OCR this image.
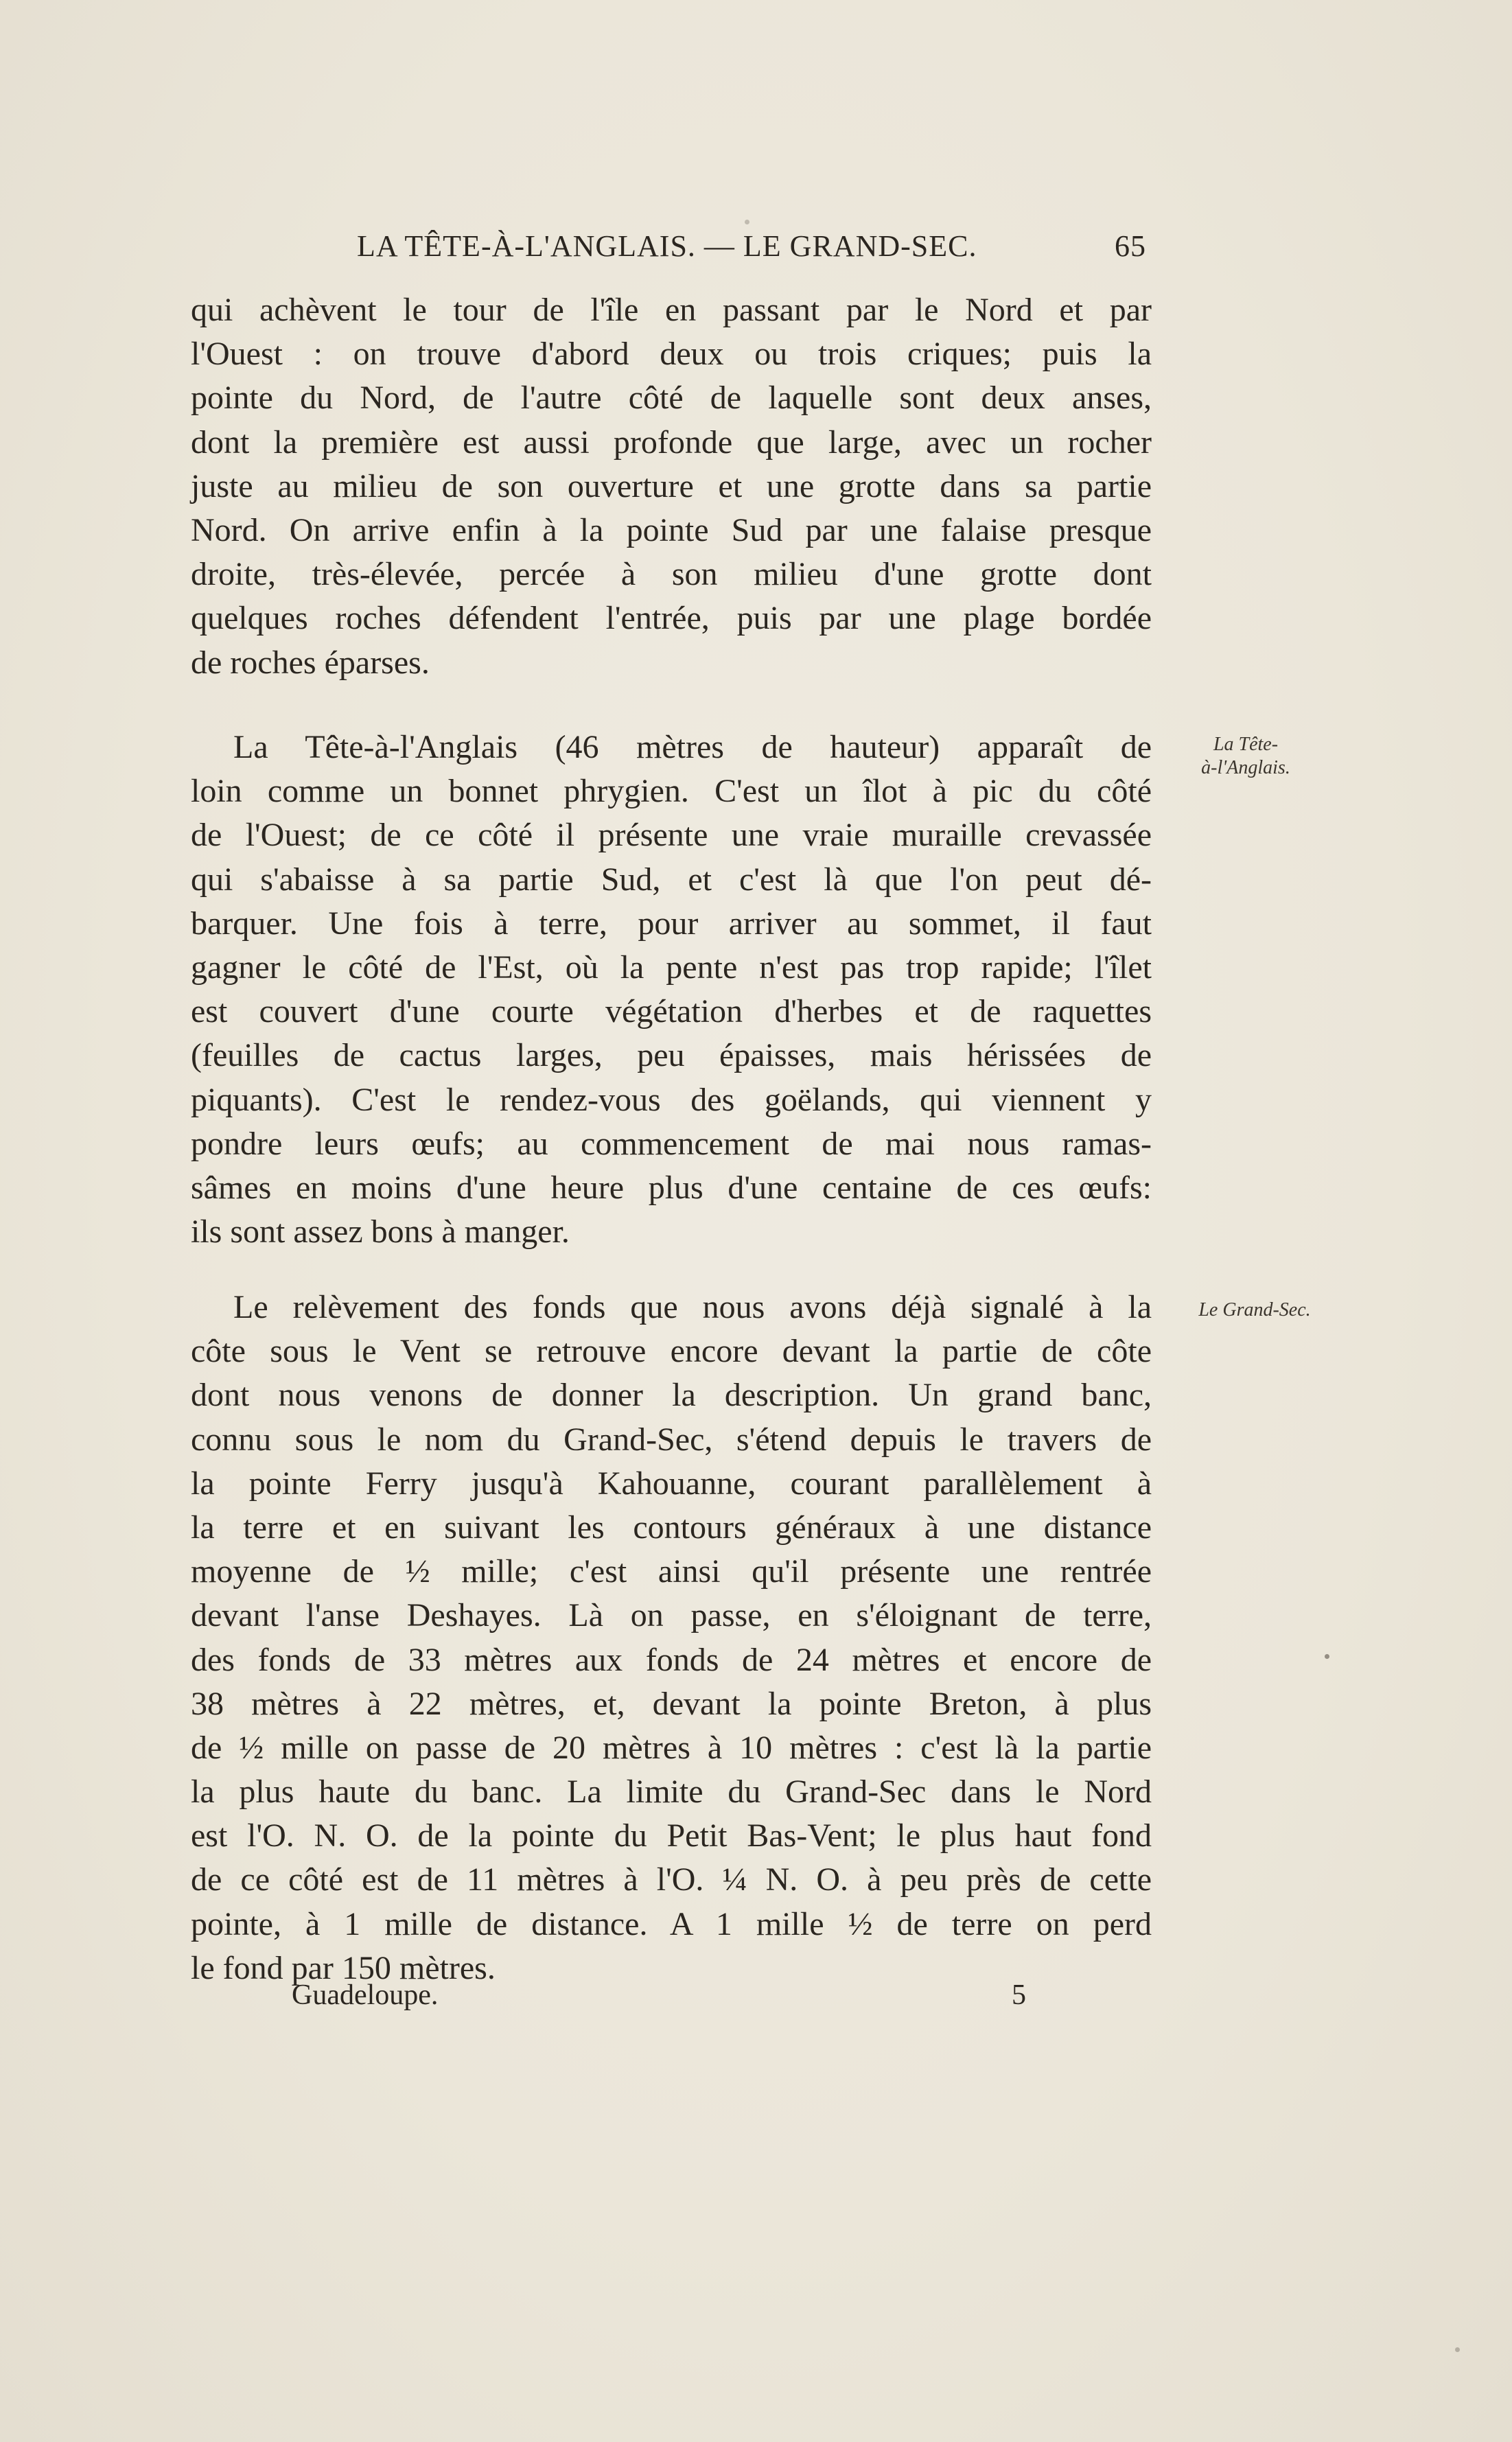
LA TÊTE-À-L'ANGLAIS. — LE GRAND-SEC.	65
qui achèvent le tour de l'île en passant par le Nord et par
l'Ouest : on trouve d'abord deux ou trois criques; puis la
pointe du Nord, de l'autre côté de laquelle sont deux anses,
dont la première est aussi profonde que large, avec un rocher
juste au milieu de son ouverture et une grotte dans sa partie
Nord. On arrive enfin à la pointe Sud par une falaise presque
droite, très-élevée, percée à son milieu d'une grotte dont
quelques roches défendent l'entrée, puis par une plage bordée
de roches éparses.
La Tête-à-l'Anglais (46 mètres de hauteur) apparaît de
loin comme un bonnet phrygien. C'est un îlot à pic du côté
de l'Ouest; de ce côté il présente une vraie muraille crevassée
qui s'abaisse à sa partie Sud, et c'est là que l'on peut dé-
barquer. Une fois à terre, pour arriver au sommet, il faut
gagner le côté de l'Est, où la pente n'est pas trop rapide; l'îlet
est couvert d'une courte végétation d'herbes et de raquettes
(feuilles de cactus larges, peu épaisses, mais hérissées de
piquants). C'est le rendez-vous des goëlands, qui viennent y
pondre leurs œufs; au commencement de mai nous ramas-
sâmes en moins d'une heure plus d'une centaine de ces œufs:
ils sont assez bons à manger.
Le relèvement des fonds que nous avons déjà signalé à la
côte sous le Vent se retrouve encore devant la partie de côte
dont nous venons de donner la description. Un grand banc,
connu sous le nom du Grand-Sec, s'étend depuis le travers de
la pointe Ferry jusqu'à Kahouanne, courant parallèlement à
la terre et en suivant les contours généraux à une distance
moyenne de ½ mille; c'est ainsi qu'il présente une rentrée
devant l'anse Deshayes. Là on passe, en s'éloignant de terre,
des fonds de 33 mètres aux fonds de 24 mètres et encore de
38 mètres à 22 mètres, et, devant la pointe Breton, à plus
de ½ mille on passe de 20 mètres à 10 mètres : c'est là la partie
la plus haute du banc. La limite du Grand-Sec dans le Nord
est l'O. N. O. de la pointe du Petit Bas-Vent; le plus haut fond
de ce côté est de 11 mètres à l'O. ¼ N. O. à peu près de cette
pointe, à 1 mille de distance. A 1 mille ½ de terre on perd
le fond par 150 mètres.
La Tête-
à-l'Anglais.
Le Grand-Sec.
Guadeloupe.	5
